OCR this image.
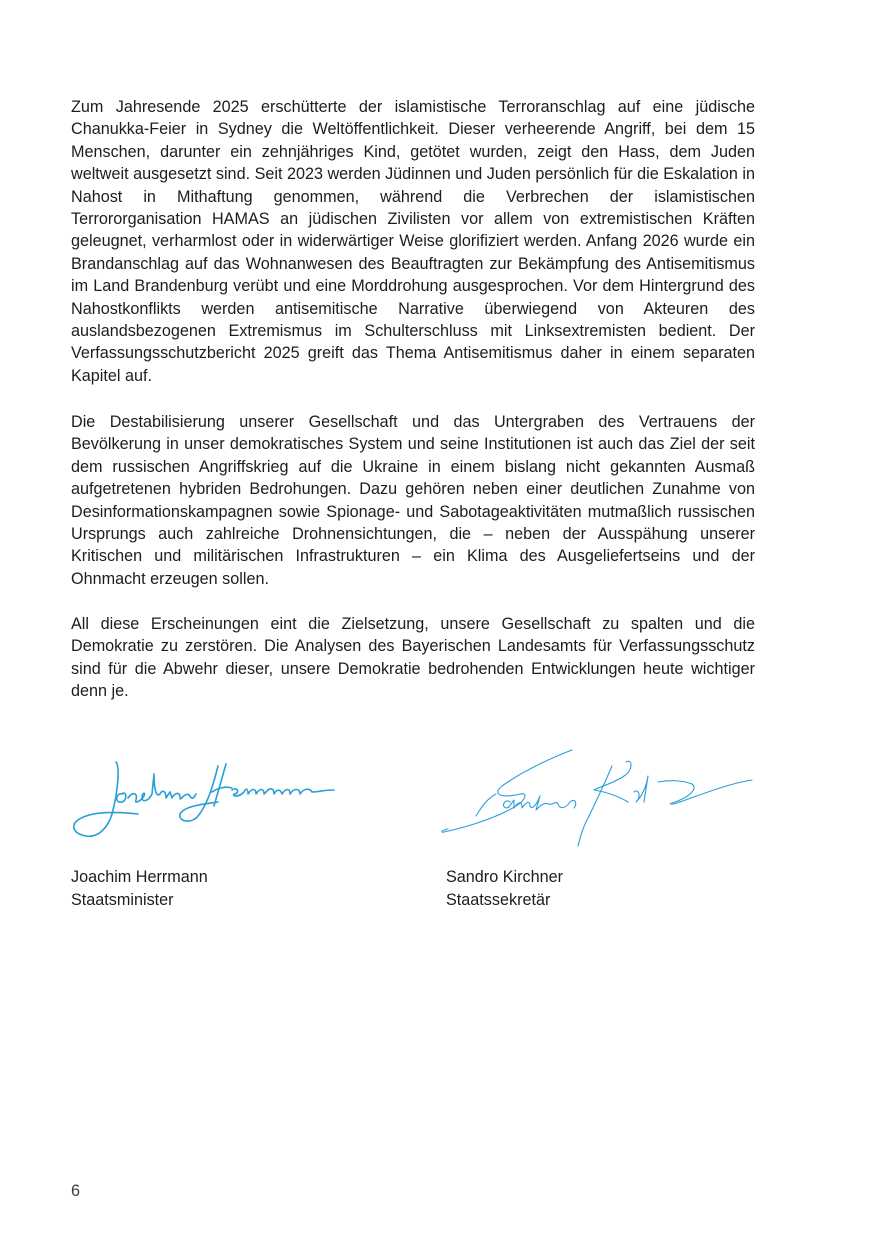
Zum Jahresende 2025 erschütterte der islamistische Terroranschlag auf eine jüdische Chanukka-Feier in Sydney die Weltöffentlichkeit. Dieser verheerende Angriff, bei dem 15 Menschen, darunter ein zehnjähriges Kind, getötet wurden, zeigt den Hass, dem Juden weltweit ausgesetzt sind. Seit 2023 werden Jüdinnen und Juden persönlich für die Eskalation in Nahost in Mithaftung genommen, während die Verbrechen der islamistischen Terrororganisation HAMAS an jüdischen Zivilisten vor allem von extremistischen Kräften geleugnet, verharmlost oder in widerwärtiger Weise glorifiziert werden. Anfang 2026 wurde ein Brandanschlag auf das Wohnanwesen des Beauftragten zur Bekämpfung des Antisemitismus im Land Brandenburg verübt und eine Morddrohung ausgesprochen. Vor dem Hintergrund des Nahostkonflikts werden antisemitische Narrative überwiegend von Akteuren des auslandsbezogenen Extremismus im Schulterschluss mit Linksextremisten bedient. Der Verfassungsschutzbericht 2025 greift das Thema Antisemitismus daher in einem separaten Kapitel auf.

Die Destabilisierung unserer Gesellschaft und das Untergraben des Vertrauens der Bevölkerung in unser demokratisches System und seine Institutionen ist auch das Ziel der seit dem russischen Angriffskrieg auf die Ukraine in einem bislang nicht gekannten Ausmaß aufgetretenen hybriden Bedrohungen. Dazu gehören neben einer deutlichen Zunahme von Desinformationskampagnen sowie Spionage- und Sabotageaktivitäten mutmaßlich russischen Ursprungs auch zahlreiche Drohnensichtungen, die – neben der Ausspähung unserer Kritischen und militärischen Infrastrukturen – ein Klima des Ausgeliefertseins und der Ohnmacht erzeugen sollen.

All diese Erscheinungen eint die Zielsetzung, unsere Gesellschaft zu spalten und die Demokratie zu zerstören. Die Analysen des Bayerischen Landesamts für Verfassungsschutz sind für die Abwehr dieser, unsere Demokratie bedrohenden Entwicklungen heute wichtiger denn je.

Joachim Herrmann
Staatsminister
Sandro Kirchner
Staatssekretär
6
